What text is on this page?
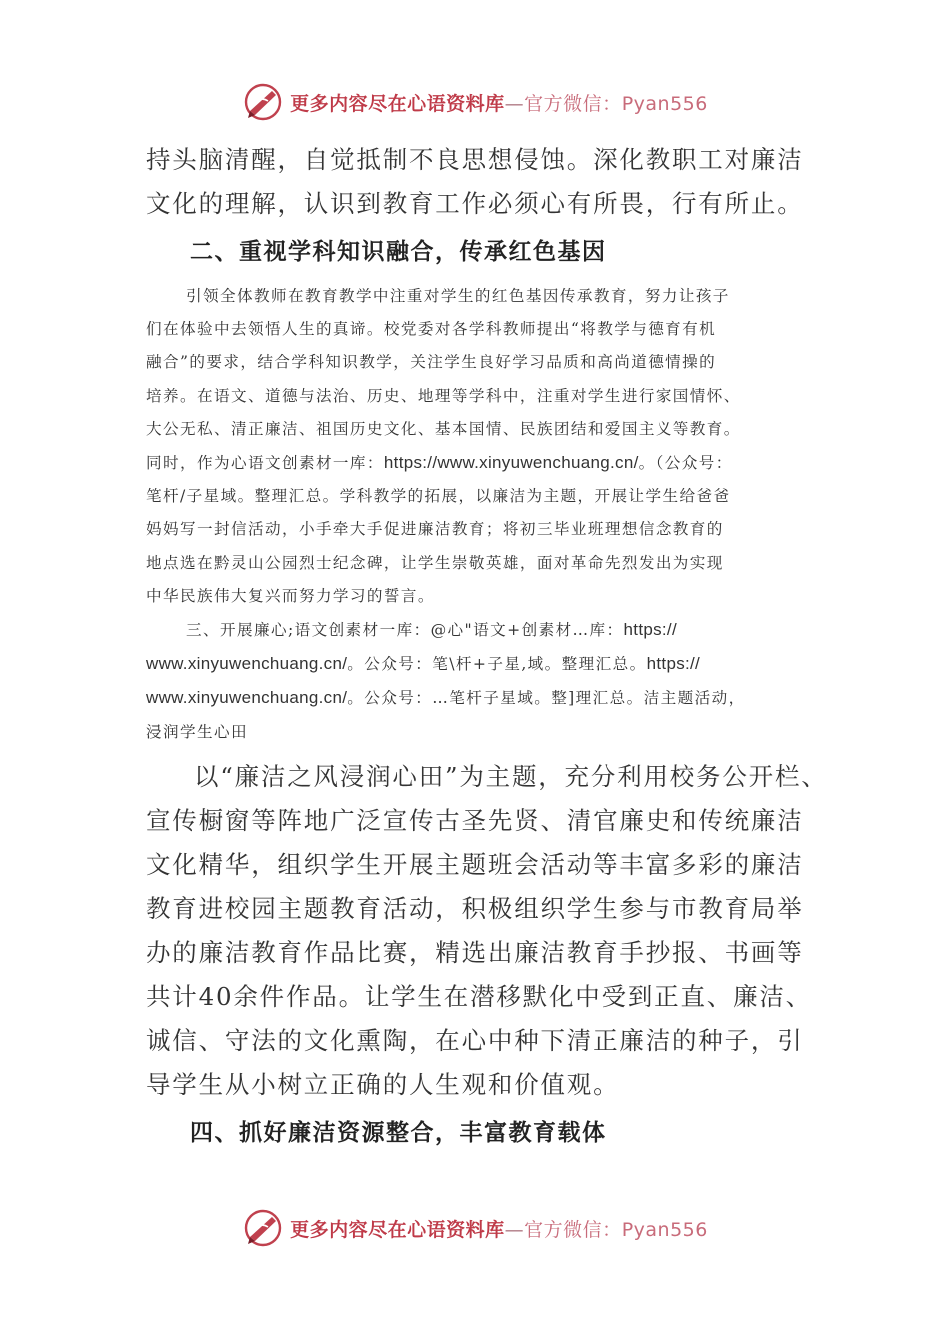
更多内容尽在心语资料库—官方微信：Pyan556

持头脑清醒，自觉抵制不良思想侵蚀。深化教职工对廉洁

文化的理解，认识到教育工作必须心有所畏，行有所止。

二、重视学科知识融合，传承红色基因

引领全体教师在教育教学中注重对学生的红色基因传承教育，努力让孩子

们在体验中去领悟人生的真谛。校党委对各学科教师提出“将教学与德育有机

融合”的要求，结合学科知识教学，关注学生良好学习品质和高尚道德情操的

培养。在语文、道德与法治、历史、地理等学科中，注重对学生进行家国情怀、

大公无私、清正廉洁、祖国历史文化、基本国情、民族团结和爱国主义等教育。

同时，作为心语文创素材一库：https://www.xinyuwenchuang.cn/。（公众号：

笔杆/子星域。整理汇总。学科教学的拓展，以廉洁为主题，开展让学生给爸爸

妈妈写一封信活动，小手牵大手促进廉洁教育；将初三毕业班理想信念教育的

地点选在黔灵山公园烈士纪念碑，让学生崇敬英雄，面对革命先烈发出为实现

中华民族伟大复兴而努力学习的誓言。

三、开展廉心;语文创素材一库：@心"语文+创素材…库：https://

www.xinyuwenchuang.cn/。公众号：笔\杆+子星,域。整理汇总。https://

www.xinyuwenchuang.cn/。公众号：…笔杆子星域。整]理汇总。洁主题活动，

浸润学生心田

以“廉洁之风浸润心田”为主题，充分利用校务公开栏、

宣传橱窗等阵地广泛宣传古圣先贤、清官廉史和传统廉洁

文化精华，组织学生开展主题班会活动等丰富多彩的廉洁

教育进校园主题教育活动，积极组织学生参与市教育局举

办的廉洁教育作品比赛，精选出廉洁教育手抄报、书画等

共计40余件作品。让学生在潜移默化中受到正直、廉洁、

诚信、守法的文化熏陶，在心中种下清正廉洁的种子，引

导学生从小树立正确的人生观和价值观。

四、抓好廉洁资源整合，丰富教育载体

更多内容尽在心语资料库—官方微信：Pyan556
